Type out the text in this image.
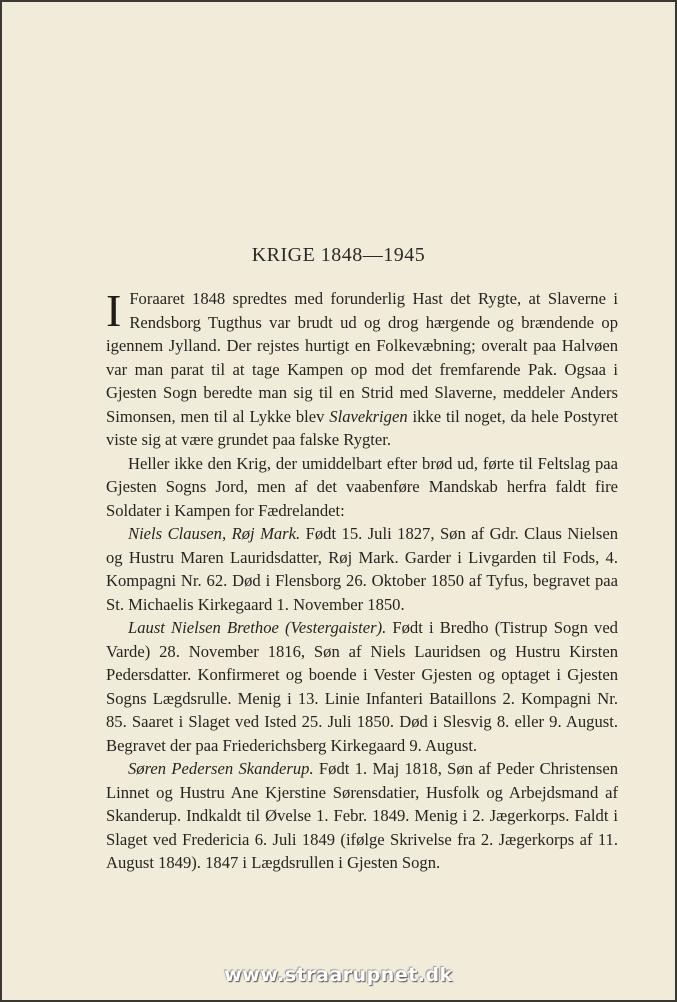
KRIGE 1848—1945

I Foraaret 1848 spredtes med forunderlig Hast det Rygte, at Slaverne i Rendsborg Tugthus var brudt ud og drog hærgende og brændende op igennem Jylland. Der rejstes hurtigt en Folkevæbning; overalt paa Halvøen var man parat til at tage Kampen op mod det fremfarende Pak. Ogsaa i Gjesten Sogn beredte man sig til en Strid med Slaverne, meddeler Anders Simonsen, men til al Lykke blev Slavekrigen ikke til noget, da hele Postyret viste sig at være grundet paa falske Rygter.

Heller ikke den Krig, der umiddelbart efter brød ud, førte til Feltslag paa Gjesten Sogns Jord, men af det vaabenføre Mandskab herfra faldt fire Soldater i Kampen for Fædrelandet:

Niels Clausen, Røj Mark. Født 15. Juli 1827, Søn af Gdr. Claus Nielsen og Hustru Maren Lauridsdatter, Røj Mark. Garder i Livgarden til Fods, 4. Kompagni Nr. 62. Død i Flensborg 26. Oktober 1850 af Tyfus, begravet paa St. Michaelis Kirkegaard 1. November 1850.

Laust Nielsen Brethoe (Vestergaister). Født i Bredho (Tistrup Sogn ved Varde) 28. November 1816, Søn af Niels Lauridsen og Hustru Kirsten Pedersdatter. Konfirmeret og boende i Vester Gjesten og optaget i Gjesten Sogns Lægdsrulle. Menig i 13. Linie Infanteri Bataillons 2. Kompagni Nr. 85. Saaret i Slaget ved Isted 25. Juli 1850. Død i Slesvig 8. eller 9. August. Begravet der paa Friederichsberg Kirkegaard 9. August.

Søren Pedersen Skanderup. Født 1. Maj 1818, Søn af Peder Christensen Linnet og Hustru Ane Kjerstine Sørensdatier, Husfolk og Arbejdsmand af Skanderup. Indkaldt til Øvelse 1. Febr. 1849. Menig i 2. Jægerkorps. Faldt i Slaget ved Fredericia 6. Juli 1849 (ifølge Skrivelse fra 2. Jægerkorps af 11. August 1849). 1847 i Lægdsrullen i Gjesten Sogn.

www.straarupnet.dk
